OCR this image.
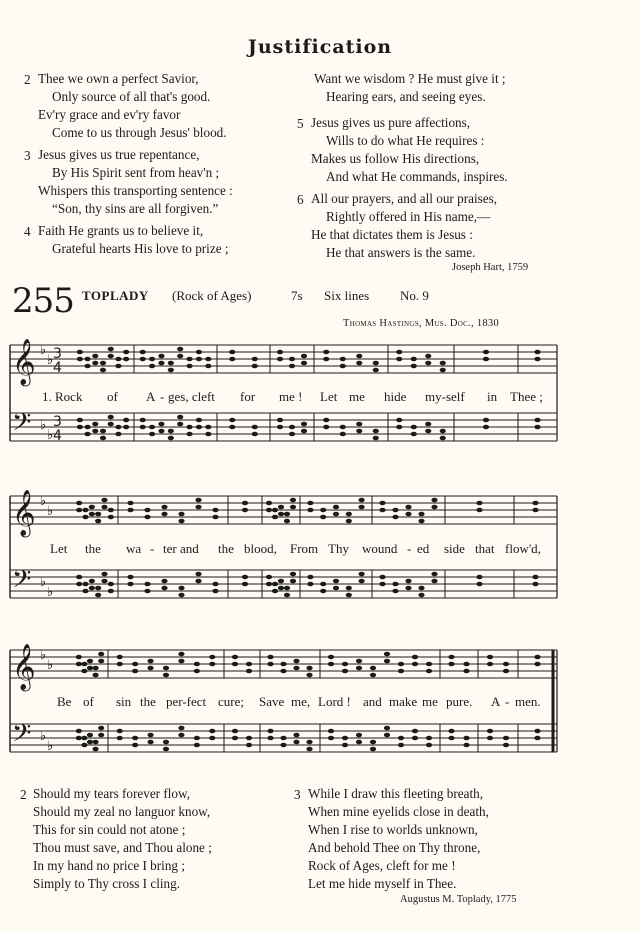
Justification
2 Thee we own a perfect Savior,
Only source of all that's good.
Ev'ry grace and ev'ry favor
Come to us through Jesus' blood.
3 Jesus gives us true repentance,
By His Spirit sent from heav'n ;
Whispers this transporting sentence :
“Son, thy sins are all forgiven.”
4 Faith He grants us to believe it,
Grateful hearts His love to prize ;
Want we wisdom ? He must give it ;
Hearing ears, and seeing eyes.
5 Jesus gives us pure affections,
Wills to do what He requires :
Makes us follow His directions,
And what He commands, inspires.
6 All our prayers, and all our praises,
Rightly offered in His name,—
He that dictates them is Jesus :
He that answers is the same.
Joseph Hart, 1759
255 TOPLADY (Rock of Ages)	7s Six lines No. 9
Thomas Hastings, Mus. Doc., 1830
𝄞
𝄢
♭
♭
♭
♭
3
4
3
4
𝄞
𝄢
♭
♭
♭
♭
𝄞
𝄢
♭
♭
♭
♭
1. Rock of A - ges, cleft for me ! Let me hide my-self in Thee ;
Let the wa - ter and the blood, From Thy wound - ed side that flow'd,
Be of sin the per-fect cure; Save me, Lord ! and make me pure. A - men.
2 Should my tears forever flow,
Should my zeal no languor know,
This for sin could not atone ;
Thou must save, and Thou alone ;
In my hand no price I bring ;
Simply to Thy cross I cling.
3 While I draw this fleeting breath,
When mine eyelids close in death,
When I rise to worlds unknown,
And behold Thee on Thy throne,
Rock of Ages, cleft for me !
Let me hide myself in Thee.
Augustus M. Toplady, 1775
